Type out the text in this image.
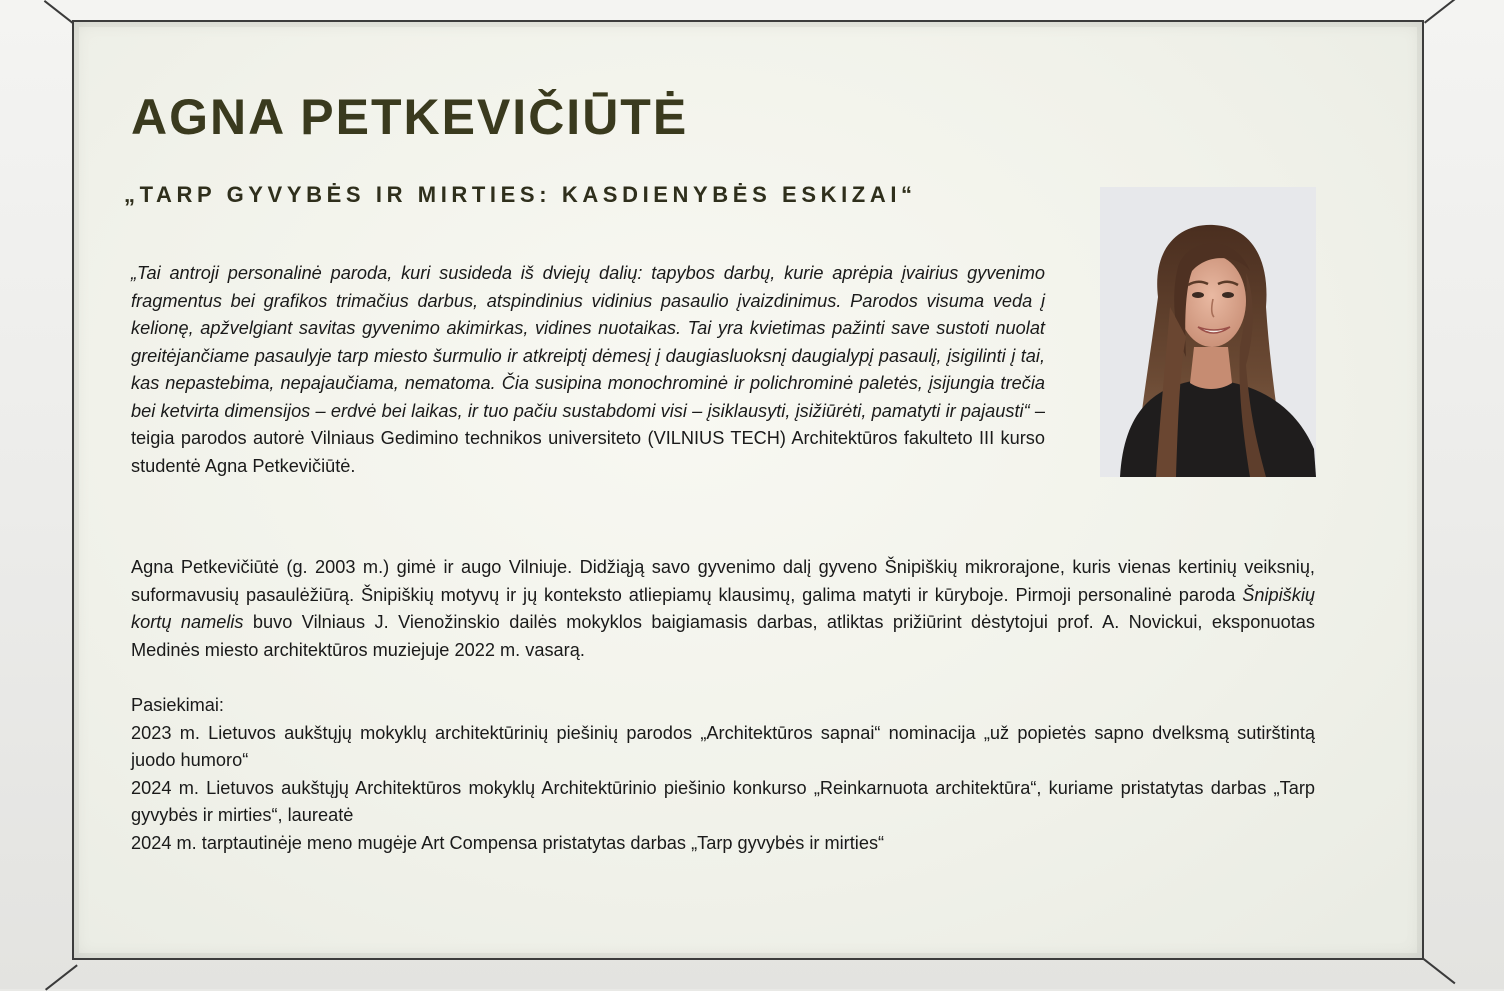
AGNA PETKEVIČIŪTĖ
„TARP GYVYBĖS IR MIRTIES: KASDIENYBĖS ESKIZAI“

„Tai antroji personalinė paroda, kuri susideda iš dviejų dalių: tapybos darbų, kurie aprėpia įvairius gyvenimo fragmentus bei grafikos trimačius darbus, atspindinius vidinius pasaulio įvaizdinimus. Parodos visuma veda į kelionę, apžvelgiant savitas gyvenimo akimirkas, vidines nuotaikas. Tai yra kvietimas pažinti save sustoti nuolat greitėjančiame pasaulyje tarp miesto šurmulio ir atkreiptį dėmesį į daugiasluoksnį daugialypį pasaulį, įsigilinti į tai, kas nepastebima, nepajaučiama, nematoma. Čia susipina monochrominė ir polichrominė paletės, įsijungia trečia bei ketvirta dimensijos – erdvė bei laikas, ir tuo pačiu sustabdomi visi – įsiklausyti, įsižiūrėti, pamatyti ir pajausti“ – teigia parodos autorė Vilniaus Gedimino technikos universiteto (VILNIUS TECH) Architektūros fakulteto III kurso studentė Agna Petkevičiūtė.

Agna Petkevičiūtė (g. 2003 m.) gimė ir augo Vilniuje. Didžiąją savo gyvenimo dalį gyveno Šnipiškių mikrorajone, kuris vienas kertinių veiksnių, suformavusių pasaulėžiūrą. Šnipiškių motyvų ir jų konteksto atliepiamų klausimų, galima matyti ir kūryboje. Pirmoji personalinė paroda Šnipiškių kortų namelis buvo Vilniaus J. Vienožinskio dailės mokyklos baigiamasis darbas, atliktas prižiūrint dėstytojui prof. A. Novickui, eksponuotas Medinės miesto architektūros muziejuje 2022 m. vasarą.

Pasiekimai:

2023 m. Lietuvos aukštųjų mokyklų architektūrinių piešinių parodos „Architektūros sapnai“ nominacija „už popietės sapno dvelksmą sutirštintą juodo humoro“

2024 m. Lietuvos aukštųjų Architektūros mokyklų Architektūrinio piešinio konkurso „Reinkarnuota architektūra“, kuriame pristatytas darbas „Tarp gyvybės ir mirties“, laureatė

2024 m. tarptautinėje meno mugėje Art Compensa pristatytas darbas „Tarp gyvybės ir mirties“
